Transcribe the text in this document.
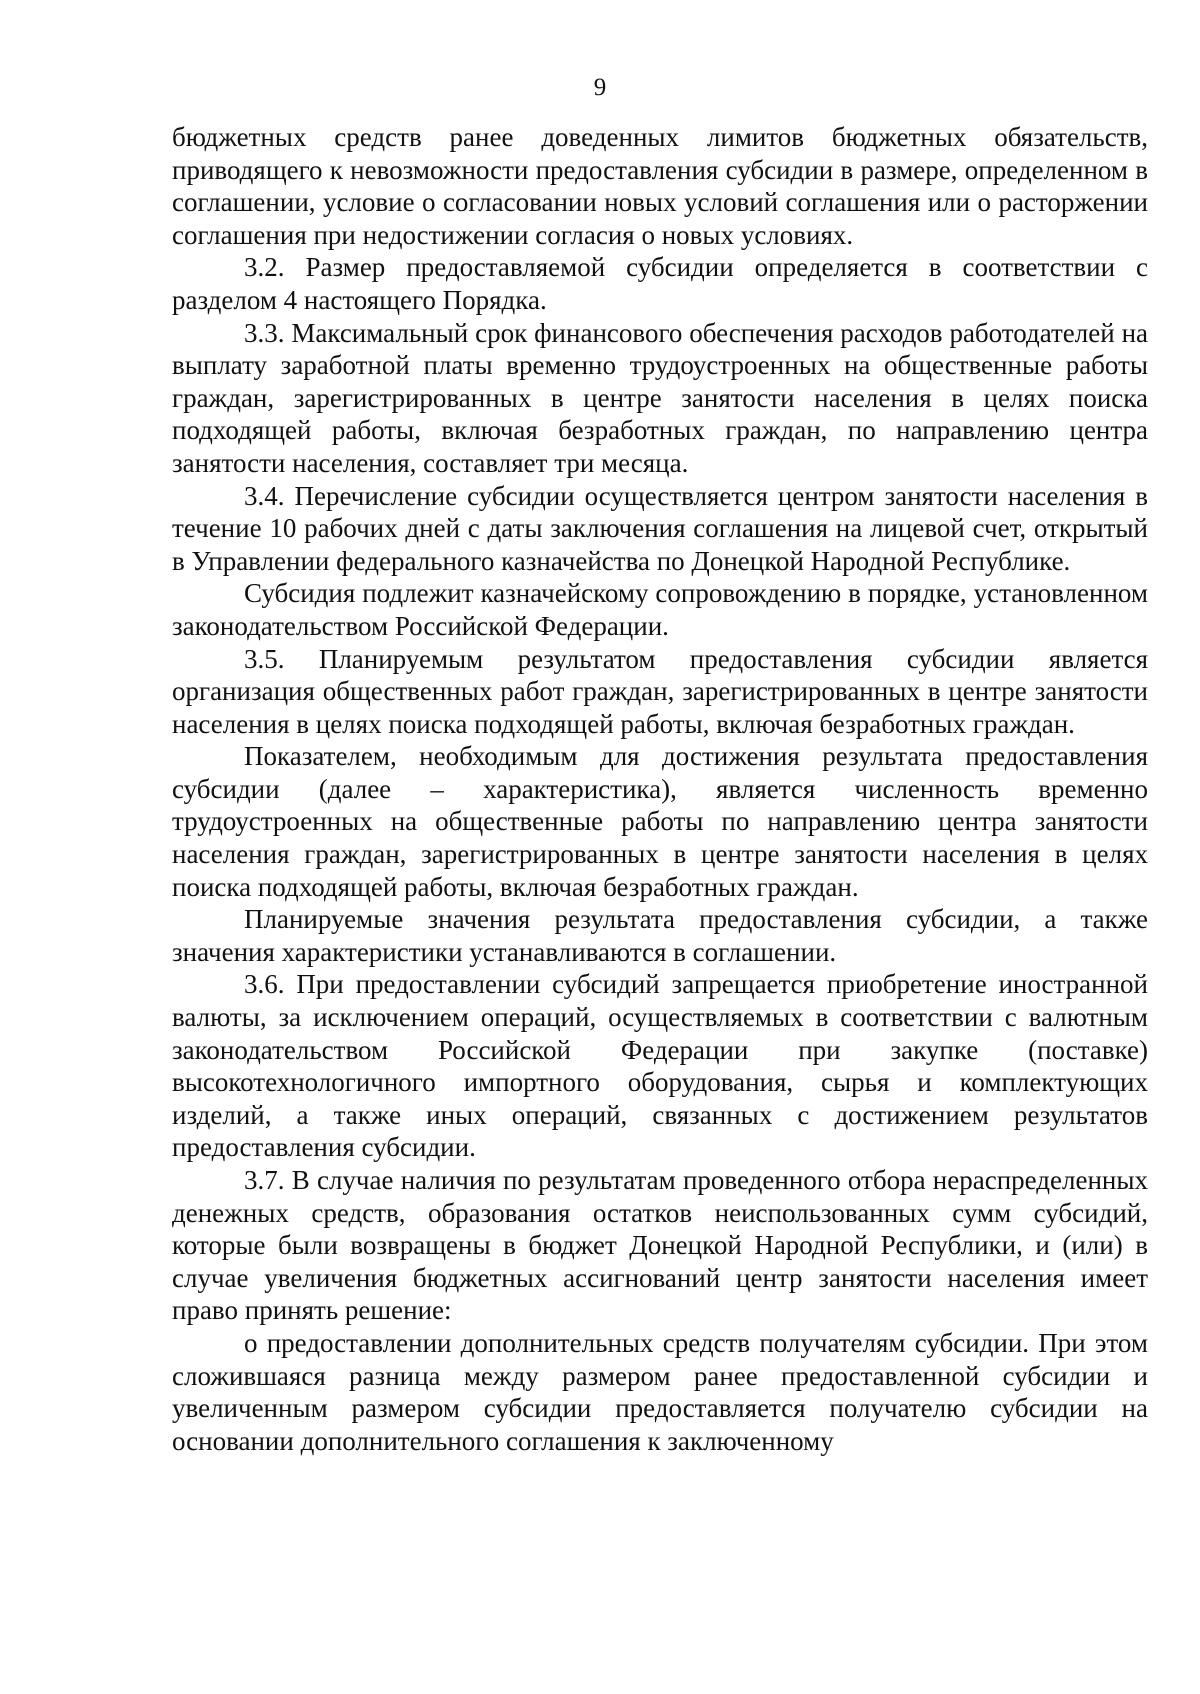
9

бюджетных средств ранее доведенных лимитов бюджетных обязательств, приводящего к невозможности предоставления субсидии в размере, определенном в соглашении, условие о согласовании новых условий соглашения или о расторжении соглашения при недостижении согласия о новых условиях.

3.2. Размер предоставляемой субсидии определяется в соответствии с разделом 4 настоящего Порядка.

3.3. Максимальный срок финансового обеспечения расходов работодателей на выплату заработной платы временно трудоустроенных на общественные работы граждан, зарегистрированных в центре занятости населения в целях поиска подходящей работы, включая безработных граждан, по направлению центра занятости населения, составляет три месяца.

3.4. Перечисление субсидии осуществляется центром занятости населения в течение 10 рабочих дней с даты заключения соглашения на лицевой счет, открытый в Управлении федерального казначейства по Донецкой Народной Республике.

Субсидия подлежит казначейскому сопровождению в порядке, установленном законодательством Российской Федерации.

3.5. Планируемым результатом предоставления субсидии является организация общественных работ граждан, зарегистрированных в центре занятости населения в целях поиска подходящей работы, включая безработных граждан.

Показателем, необходимым для достижения результата предоставления субсидии (далее – характеристика), является численность временно трудоустроенных на общественные работы по направлению центра занятости населения граждан, зарегистрированных в центре занятости населения в целях поиска подходящей работы, включая безработных граждан.

Планируемые значения результата предоставления субсидии, а также значения характеристики устанавливаются в соглашении.

3.6. При предоставлении субсидий запрещается приобретение иностранной валюты, за исключением операций, осуществляемых в соответствии с валютным законодательством Российской Федерации при закупке (поставке) высокотехнологичного импортного оборудования, сырья и комплектующих изделий, а также иных операций, связанных с достижением результатов предоставления субсидии.

3.7. В случае наличия по результатам проведенного отбора нераспределенных денежных средств, образования остатков неиспользованных сумм субсидий, которые были возвращены в бюджет Донецкой Народной Республики, и (или) в случае увеличения бюджетных ассигнований центр занятости населения имеет право принять решение:

о предоставлении дополнительных средств получателям субсидии. При этом сложившаяся разница между размером ранее предоставленной субсидии и увеличенным размером субсидии предоставляется получателю субсидии на основании дополнительного соглашения к заключенному
